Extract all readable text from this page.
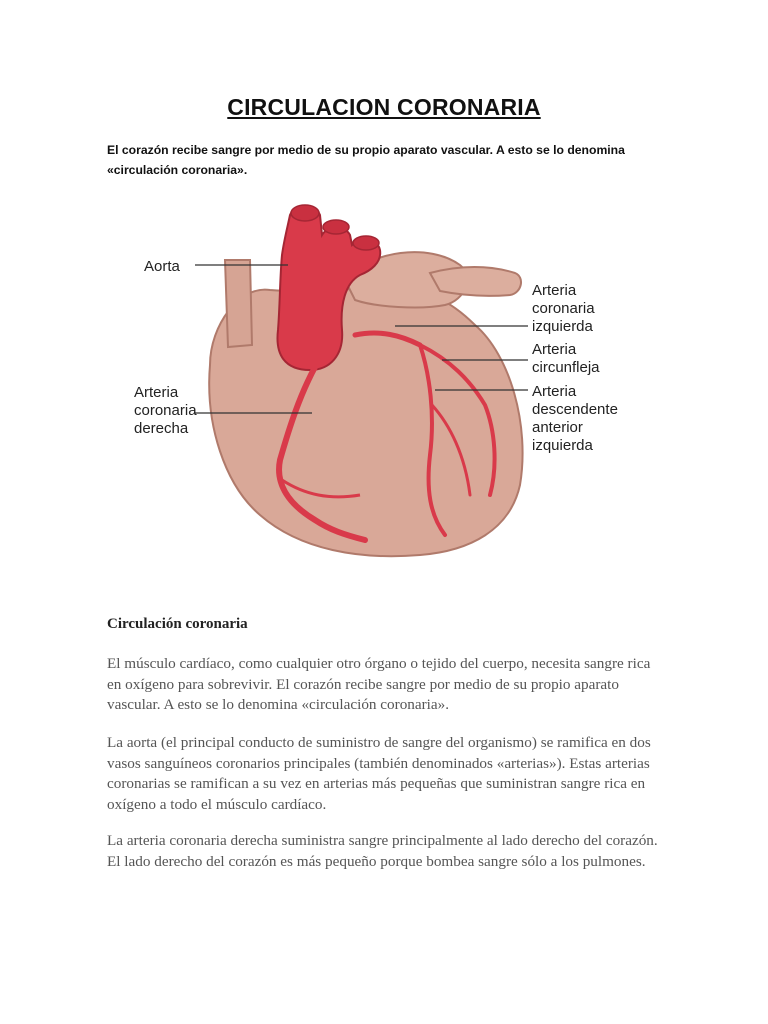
CIRCULACION CORONARIA
El corazón recibe sangre por medio de su propio aparato vascular. A esto se lo denomina «circulación coronaria».
Aorta
Arteria
coronaria
derecha
Arteria
coronaria
izquierda
Arteria
circunfleja
Arteria
descendente
anterior
izquierda
Circulación coronaria
El músculo cardíaco, como cualquier otro órgano o tejido del cuerpo, necesita sangre rica en oxígeno para sobrevivir. El corazón recibe sangre por medio de su propio aparato vascular. A esto se lo denomina «circulación coronaria».
La aorta (el principal conducto de suministro de sangre del organismo) se ramifica en dos vasos sanguíneos coronarios principales (también denominados «arterias»). Estas arterias coronarias se ramifican a su vez en arterias más pequeñas que suministran sangre rica en oxígeno a todo el músculo cardíaco.
La arteria coronaria derecha suministra sangre principalmente al lado derecho del corazón. El lado derecho del corazón es más pequeño porque bombea sangre sólo a los pulmones.
